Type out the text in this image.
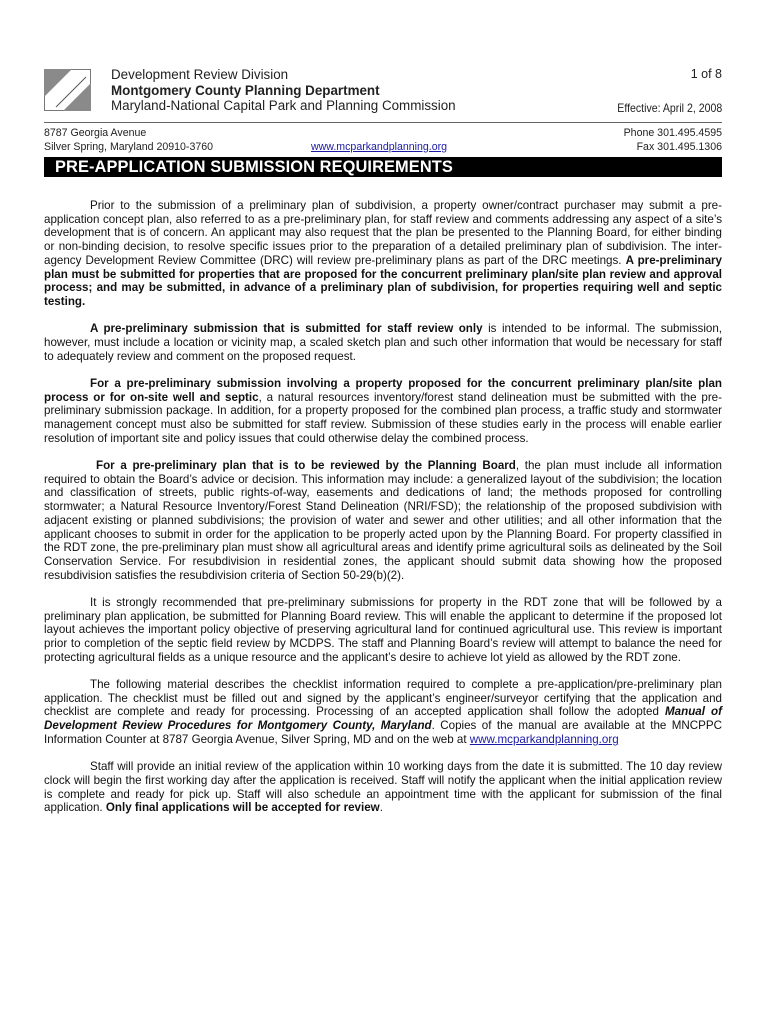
Development Review Division
Montgomery County Planning Department
Maryland-National Capital Park and Planning Commission
1 of 8
Effective: April 2, 2008
8787 Georgia Avenue
Silver Spring, Maryland 20910-3760	www.mcparkandplanning.org
Phone 301.495.4595
Fax 301.495.1306
PRE-APPLICATION SUBMISSION REQUIREMENTS

Prior to the submission of a preliminary plan of subdivision, a property owner/contract purchaser may submit a pre-application concept plan, also referred to as a pre-preliminary plan, for staff review and comments addressing any aspect of a site’s development that is of concern. An applicant may also request that the plan be presented to the Planning Board, for either binding or non-binding decision, to resolve specific issues prior to the preparation of a detailed preliminary plan of subdivision. The inter-agency Development Review Committee (DRC) will review pre-preliminary plans as part of the DRC meetings. A pre-preliminary plan must be submitted for properties that are proposed for the concurrent preliminary plan/site plan review and approval process; and may be submitted, in advance of a preliminary plan of subdivision, for properties requiring well and septic testing.

A pre-preliminary submission that is submitted for staff review only is intended to be informal. The submission, however, must include a location or vicinity map, a scaled sketch plan and such other information that would be necessary for staff to adequately review and comment on the proposed request.

For a pre-preliminary submission involving a property proposed for the concurrent preliminary plan/site plan process or for on-site well and septic, a natural resources inventory/forest stand delineation must be submitted with the pre-preliminary submission package. In addition, for a property proposed for the combined plan process, a traffic study and stormwater management concept must also be submitted for staff review. Submission of these studies early in the process will enable earlier resolution of important site and policy issues that could otherwise delay the combined process.

For a pre-preliminary plan that is to be reviewed by the Planning Board, the plan must include all information required to obtain the Board’s advice or decision. This information may include: a generalized layout of the subdivision; the location and classification of streets, public rights-of-way, easements and dedications of land; the methods proposed for controlling stormwater; a Natural Resource Inventory/Forest Stand Delineation (NRI/FSD); the relationship of the proposed subdivision with adjacent existing or planned subdivisions; the provision of water and sewer and other utilities; and all other information that the applicant chooses to submit in order for the application to be properly acted upon by the Planning Board. For property classified in the RDT zone, the pre-preliminary plan must show all agricultural areas and identify prime agricultural soils as delineated by the Soil Conservation Service. For resubdivision in residential zones, the applicant should submit data showing how the proposed resubdivision satisfies the resubdivision criteria of Section 50-29(b)(2).

It is strongly recommended that pre-preliminary submissions for property in the RDT zone that will be followed by a preliminary plan application, be submitted for Planning Board review. This will enable the applicant to determine if the proposed lot layout achieves the important policy objective of preserving agricultural land for continued agricultural use. This review is important prior to completion of the septic field review by MCDPS. The staff and Planning Board’s review will attempt to balance the need for protecting agricultural fields as a unique resource and the applicant’s desire to achieve lot yield as allowed by the RDT zone.

The following material describes the checklist information required to complete a pre-application/pre-preliminary plan application. The checklist must be filled out and signed by the applicant’s engineer/surveyor certifying that the application and checklist are complete and ready for processing. Processing of an accepted application shall follow the adopted Manual of Development Review Procedures for Montgomery County, Maryland. Copies of the manual are available at the MNCPPC Information Counter at 8787 Georgia Avenue, Silver Spring, MD and on the web at www.mcparkandplanning.org

Staff will provide an initial review of the application within 10 working days from the date it is submitted. The 10 day review clock will begin the first working day after the application is received. Staff will notify the applicant when the initial application review is complete and ready for pick up. Staff will also schedule an appointment time with the applicant for submission of the final application. Only final applications will be accepted for review.
